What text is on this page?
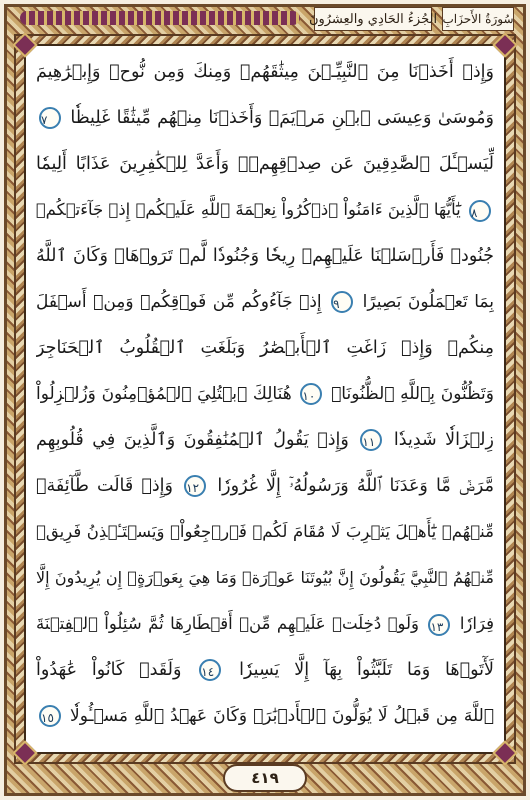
الجُزءُ الحَادِي والعِشرُونَ سُورَةُ الأَحزَابِ
وَإِذۡ أَخَذۡنَا مِنَ ٱلنَّبِيِّـۧنَ مِيثَٰقَهُمۡ وَمِنكَ وَمِن نُّوحٖ وَإِبۡرَٰهِيمَ
وَمُوسَىٰ وَعِيسَى ٱبۡنِ مَرۡيَمَۖ وَأَخَذۡنَا مِنۡهُم مِّيثَٰقًا غَلِيظٗا ٧
لِّيَسۡـَٔلَ ٱلصَّٰدِقِينَ عَن صِدۡقِهِمۡۚ وَأَعَدَّ لِلۡكَٰفِرِينَ عَذَابًا أَلِيمٗا
٨ يَٰٓأَيُّهَا ٱلَّذِينَ ءَامَنُواْ ٱذۡكُرُواْ نِعۡمَةَ ٱللَّهِ عَلَيۡكُمۡ إِذۡ جَآءَتۡكُمۡ
جُنُودٞ فَأَرۡسَلۡنَا عَلَيۡهِمۡ رِيحٗا وَجُنُودٗا لَّمۡ تَرَوۡهَاۚ وَكَانَ ٱللَّهُ
بِمَا تَعۡمَلُونَ بَصِيرًا ٩ إِذۡ جَآءُوكُم مِّن فَوۡقِكُمۡ وَمِنۡ أَسۡفَلَ
مِنكُمۡ وَإِذۡ زَاغَتِ ٱلۡأَبۡصَٰرُ وَبَلَغَتِ ٱلۡقُلُوبُ ٱلۡحَنَاجِرَ
وَتَظُنُّونَ بِٱللَّهِ ٱلظُّنُونَا۠ ١٠ هُنَالِكَ ٱبۡتُلِيَ ٱلۡمُؤۡمِنُونَ وَزُلۡزِلُواْ
زِلۡزَالٗا شَدِيدٗا ١١ وَإِذۡ يَقُولُ ٱلۡمُنَٰفِقُونَ وَٱلَّذِينَ فِي قُلُوبِهِم
مَّرَضٞ مَّا وَعَدَنَا ٱللَّهُ وَرَسُولُهُۥٓ إِلَّا غُرُورٗا ١٢ وَإِذۡ قَالَت طَّآئِفَةٞ
مِّنۡهُمۡ يَٰٓأَهۡلَ يَثۡرِبَ لَا مُقَامَ لَكُمۡ فَٱرۡجِعُواْۚ وَيَسۡتَـٔۡذِنُ فَرِيقٞ
مِّنۡهُمُ ٱلنَّبِيَّ يَقُولُونَ إِنَّ بُيُوتَنَا عَوۡرَةٞ وَمَا هِيَ بِعَوۡرَةٍۖ إِن يُرِيدُونَ إِلَّا
فِرَارٗا ١٣ وَلَوۡ دُخِلَتۡ عَلَيۡهِم مِّنۡ أَقۡطَارِهَا ثُمَّ سُئِلُواْ ٱلۡفِتۡنَةَ
لَأٓتَوۡهَا وَمَا تَلَبَّثُواْ بِهَآ إِلَّا يَسِيرٗا ١٤ وَلَقَدۡ كَانُواْ عَٰهَدُواْ
ٱللَّهَ مِن قَبۡلُ لَا يُوَلُّونَ ٱلۡأَدۡبَٰرَۚ وَكَانَ عَهۡدُ ٱللَّهِ مَسۡـُٔولٗا ١٥
٤١٩
